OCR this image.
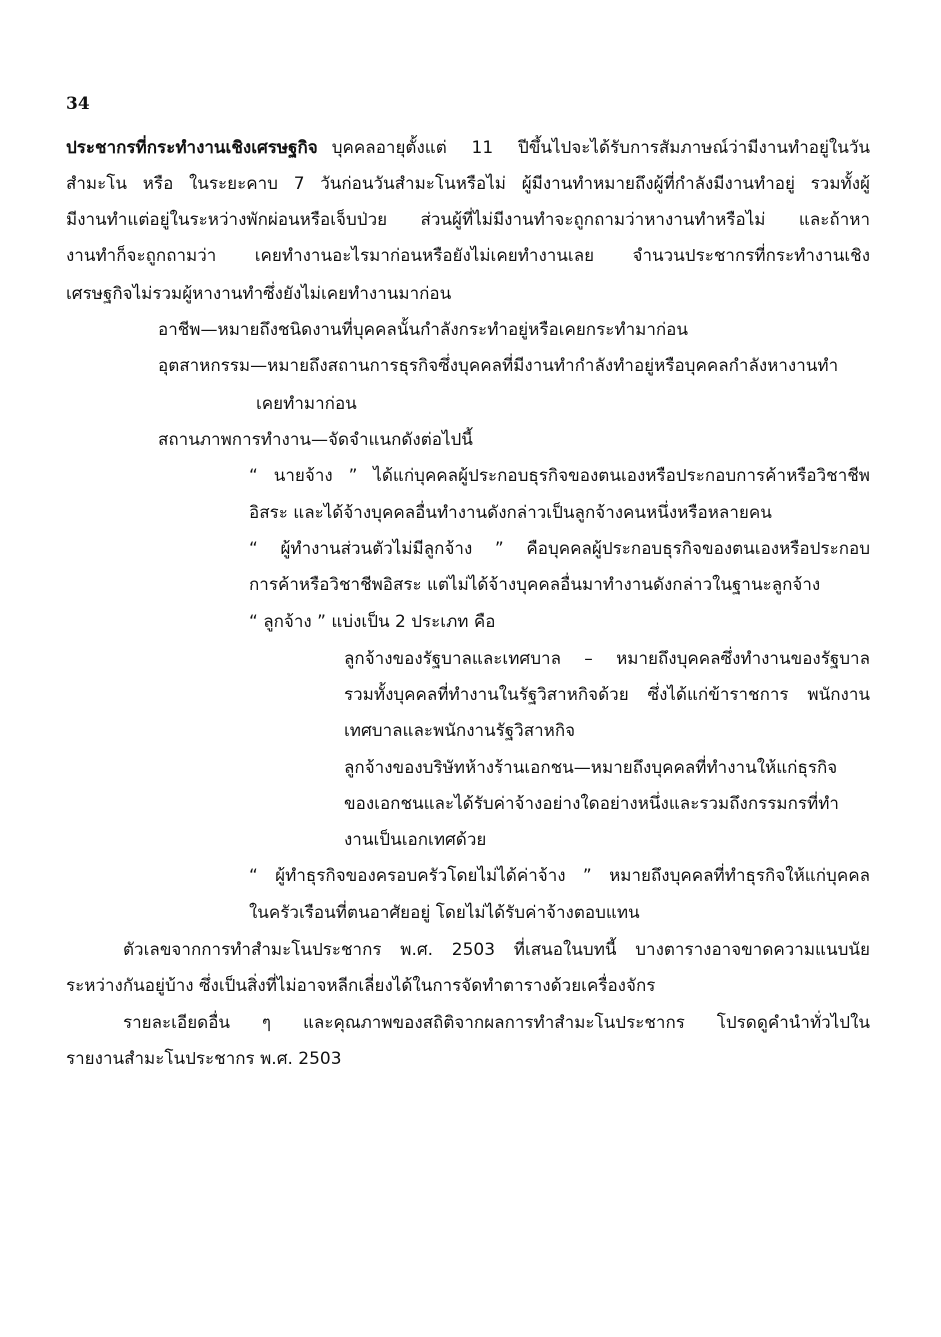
34
ประชากรที่กระทำงานเชิงเศรษฐกิจ บุคคลอายุตั้งแต่ 11 ปีขึ้นไปจะได้รับการสัมภาษณ์ว่ามีงานทำอยู่ในวัน
สำมะโน หรือ ในระยะคาบ 7 วันก่อนวันสำมะโนหรือไม่ ผู้มีงานทำหมายถึงผู้ที่กำลังมีงานทำอยู่ รวมทั้งผู้
มีงานทำแต่อยู่ในระหว่างพักผ่อนหรือเจ็บป่วย ส่วนผู้ที่ไม่มีงานทำจะถูกถามว่าหางานทำหรือไม่ และถ้าหา
งานทำก็จะถูกถามว่า เคยทำงานอะไรมาก่อนหรือยังไม่เคยทำงานเลย จำนวนประชากรที่กระทำงานเชิง
เศรษฐกิจไม่รวมผู้หางานทำซึ่งยังไม่เคยทำงานมาก่อน
อาชีพ—หมายถึงชนิดงานที่บุคคลนั้นกำลังกระทำอยู่หรือเคยกระทำมาก่อน
อุตสาหกรรม—หมายถึงสถานการธุรกิจซึ่งบุคคลที่มีงานทำกำลังทำอยู่หรือบุคคลกำลังหางานทำ
เคยทำมาก่อน
สถานภาพการทำงาน—จัดจำแนกดังต่อไปนี้
“ นายจ้าง ” ได้แก่บุคคลผู้ประกอบธุรกิจของตนเองหรือประกอบการค้าหรือวิชาชีพ
อิสระ และได้จ้างบุคคลอื่นทำงานดังกล่าวเป็นลูกจ้างคนหนึ่งหรือหลายคน
“ ผู้ทำงานส่วนตัวไม่มีลูกจ้าง ” คือบุคคลผู้ประกอบธุรกิจของตนเองหรือประกอบ
การค้าหรือวิชาชีพอิสระ แต่ไม่ได้จ้างบุคคลอื่นมาทำงานดังกล่าวในฐานะลูกจ้าง
“ ลูกจ้าง ” แบ่งเป็น 2 ประเภท คือ
ลูกจ้างของรัฐบาลและเทศบาล – หมายถึงบุคคลซึ่งทำงานของรัฐบาล
รวมทั้งบุคคลที่ทำงานในรัฐวิสาหกิจด้วย ซึ่งได้แก่ข้าราชการ พนักงาน
เทศบาลและพนักงานรัฐวิสาหกิจ
ลูกจ้างของบริษัทห้างร้านเอกชน—หมายถึงบุคคลที่ทำงานให้แก่ธุรกิจ
ของเอกชนและได้รับค่าจ้างอย่างใดอย่างหนึ่งและรวมถึงกรรมกรที่ทำ
งานเป็นเอกเทศด้วย
“ ผู้ทำธุรกิจของครอบครัวโดยไม่ได้ค่าจ้าง ” หมายถึงบุคคลที่ทำธุรกิจให้แก่บุคคล
ในครัวเรือนที่ตนอาศัยอยู่ โดยไม่ได้รับค่าจ้างตอบแทน
ตัวเลขจากการทำสำมะโนประชากร พ.ศ. 2503 ที่เสนอในบทนี้ บางตารางอาจขาดความแนบนัย
ระหว่างกันอยู่บ้าง ซึ่งเป็นสิ่งที่ไม่อาจหลีกเลี่ยงได้ในการจัดทำตารางด้วยเครื่องจักร
รายละเอียดอื่น ๆ และคุณภาพของสถิติจากผลการทำสำมะโนประชากร โปรดดูคำนำทั่วไปใน
รายงานสำมะโนประชากร พ.ศ. 2503
